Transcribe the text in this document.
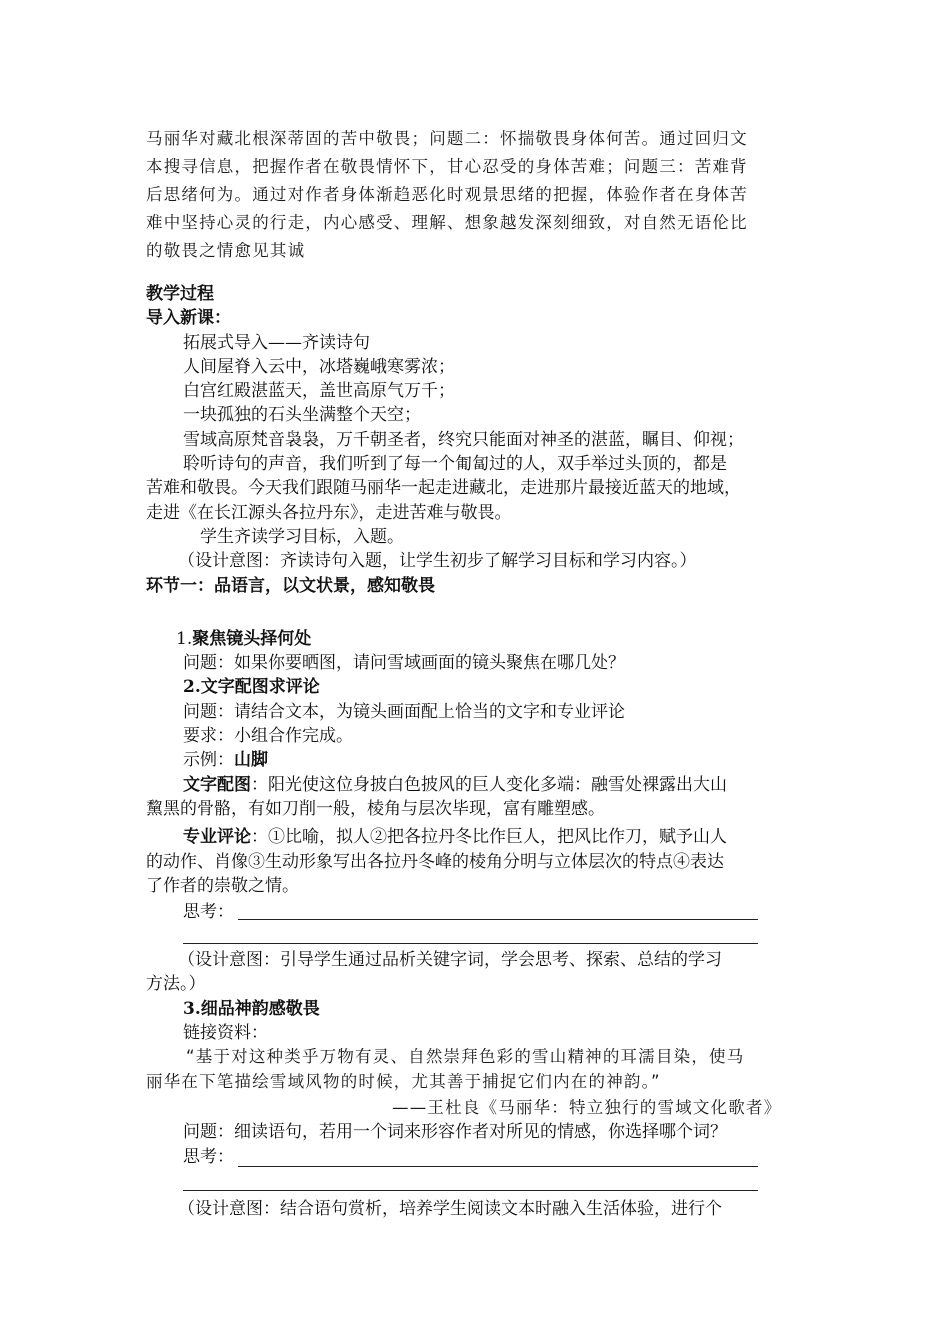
马丽华对藏北根深蒂固的苦中敬畏；问题二：怀揣敬畏身体何苦。通过回归文
本搜寻信息，把握作者在敬畏情怀下，甘心忍受的身体苦难；问题三：苦难背
后思绪何为。通过对作者身体渐趋恶化时观景思绪的把握，体验作者在身体苦
难中坚持心灵的行走，内心感受、理解、想象越发深刻细致，对自然无语伦比
的敬畏之情愈见其诚
教学过程
导入新课：
拓展式导入——齐读诗句
人间屋脊入云中，冰塔巍峨寒雾浓；
白宫红殿湛蓝天，盖世高原气万千；
一块孤独的石头坐满整个天空；
雪域高原梵音袅袅，万千朝圣者，终究只能面对神圣的湛蓝，瞩目、仰视；
聆听诗句的声音，我们听到了每一个匍匐过的人，双手举过头顶的，都是
苦难和敬畏。今天我们跟随马丽华一起走进藏北，走进那片最接近蓝天的地域，
走进《在长江源头各拉丹东》，走进苦难与敬畏。
学生齐读学习目标，入题。
（设计意图：齐读诗句入题，让学生初步了解学习目标和学习内容。）
环节一：品语言，以文状景，感知敬畏
1.聚焦镜头择何处
问题：如果你要晒图，请问雪域画面的镜头聚焦在哪几处？
2.文字配图求评论
问题：请结合文本，为镜头画面配上恰当的文字和专业评论
要求：小组合作完成。
示例：山脚
文字配图：阳光使这位身披白色披风的巨人变化多端：融雪处裸露出大山
黧黑的骨骼，有如刀削一般，棱角与层次毕现，富有雕塑感。
专业评论：①比喻，拟人②把各拉丹冬比作巨人，把风比作刀，赋予山人
的动作、肖像③生动形象写出各拉丹冬峰的棱角分明与立体层次的特点④表达
了作者的崇敬之情。
思考：
（设计意图：引导学生通过品析关键字词，学会思考、探索、总结的学习
方法。）
3.细品神韵感敬畏
链接资料：
“基于对这种类乎万物有灵、自然崇拜色彩的雪山精神的耳濡目染，使马
丽华在下笔描绘雪域风物的时候，尤其善于捕捉它们内在的神韵。”
——王杜良《马丽华：特立独行的雪域文化歌者》
问题：细读语句，若用一个词来形容作者对所见的情感，你选择哪个词？
思考：
（设计意图：结合语句赏析，培养学生阅读文本时融入生活体验，进行个
